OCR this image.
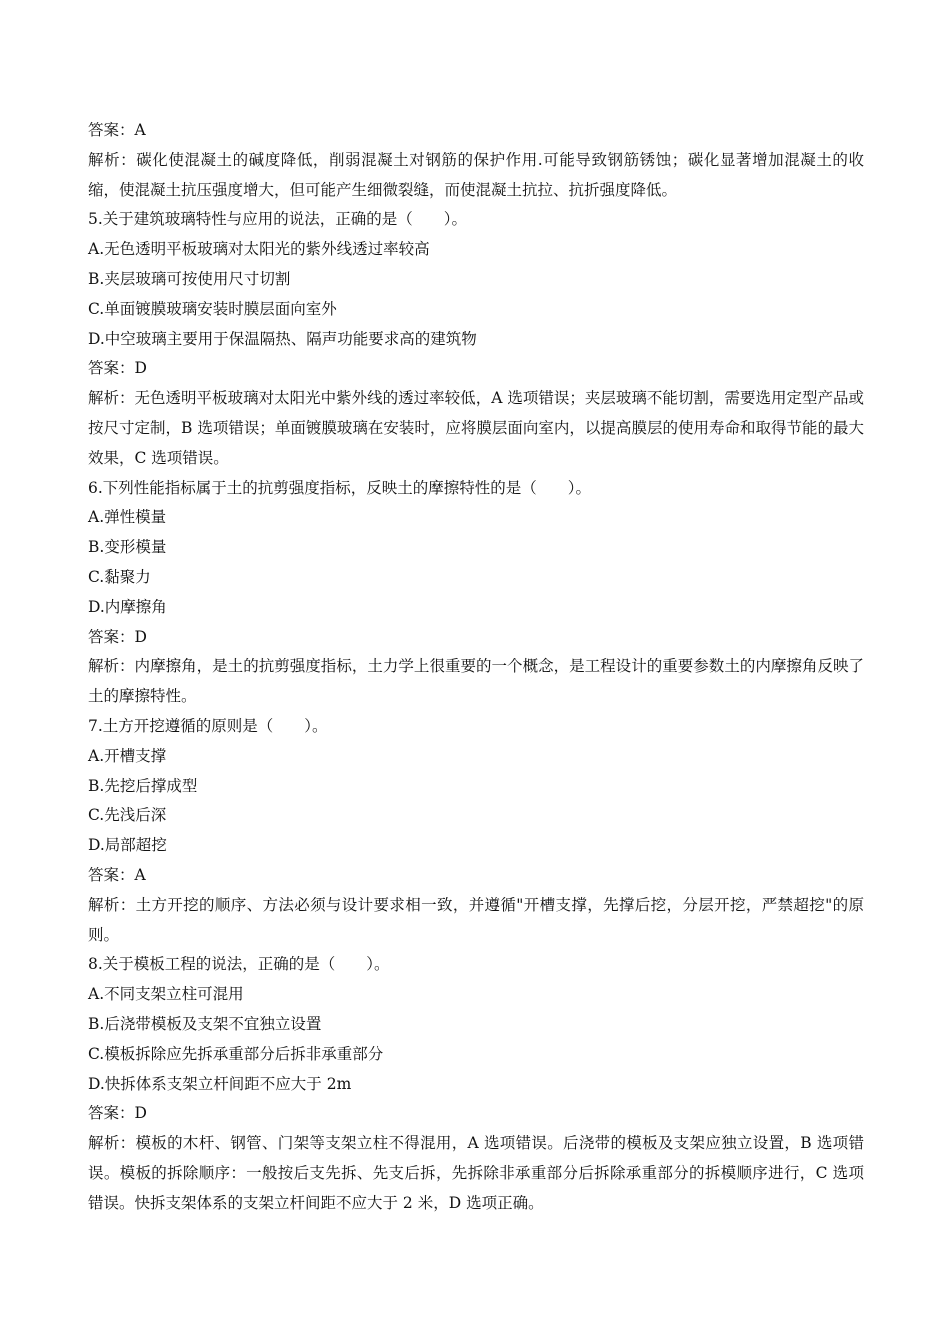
答案：A

解析：碳化使混凝土的碱度降低，削弱混凝土对钢筋的保护作用.可能导致钢筋锈蚀；碳化显著增加混凝土的收缩，使混凝土抗压强度增大，但可能产生细微裂缝，而使混凝土抗拉、抗折强度降低。

5.关于建筑玻璃特性与应用的说法，正确的是（　　）。

A.无色透明平板玻璃对太阳光的紫外线透过率较高

B.夹层玻璃可按使用尺寸切割

C.单面镀膜玻璃安装时膜层面向室外

D.中空玻璃主要用于保温隔热、隔声功能要求高的建筑物

答案：D

解析：无色透明平板玻璃对太阳光中紫外线的透过率较低，A 选项错误；夹层玻璃不能切割，需要选用定型产品或按尺寸定制，B 选项错误；单面镀膜玻璃在安装时，应将膜层面向室内，以提高膜层的使用寿命和取得节能的最大效果，C 选项错误。

6.下列性能指标属于土的抗剪强度指标，反映土的摩擦特性的是（　　）。

A.弹性模量

B.变形模量

C.黏聚力

D.内摩擦角

答案：D

解析：内摩擦角，是土的抗剪强度指标，土力学上很重要的一个概念，是工程设计的重要参数土的内摩擦角反映了土的摩擦特性。

7.土方开挖遵循的原则是（　　）。

A.开槽支撑

B.先挖后撑成型

C.先浅后深

D.局部超挖

答案：A

解析：土方开挖的顺序、方法必须与设计要求相一致，并遵循"开槽支撑，先撑后挖，分层开挖，严禁超挖"的原则。

8.关于模板工程的说法，正确的是（　　）。

A.不同支架立柱可混用

B.后浇带模板及支架不宜独立设置

C.模板拆除应先拆承重部分后拆非承重部分

D.快拆体系支架立杆间距不应大于 2m

答案：D

解析：模板的木杆、钢管、门架等支架立柱不得混用，A 选项错误。后浇带的模板及支架应独立设置，B 选项错误。模板的拆除顺序：一般按后支先拆、先支后拆，先拆除非承重部分后拆除承重部分的拆模顺序进行，C 选项错误。快拆支架体系的支架立杆间距不应大于 2 米，D 选项正确。
